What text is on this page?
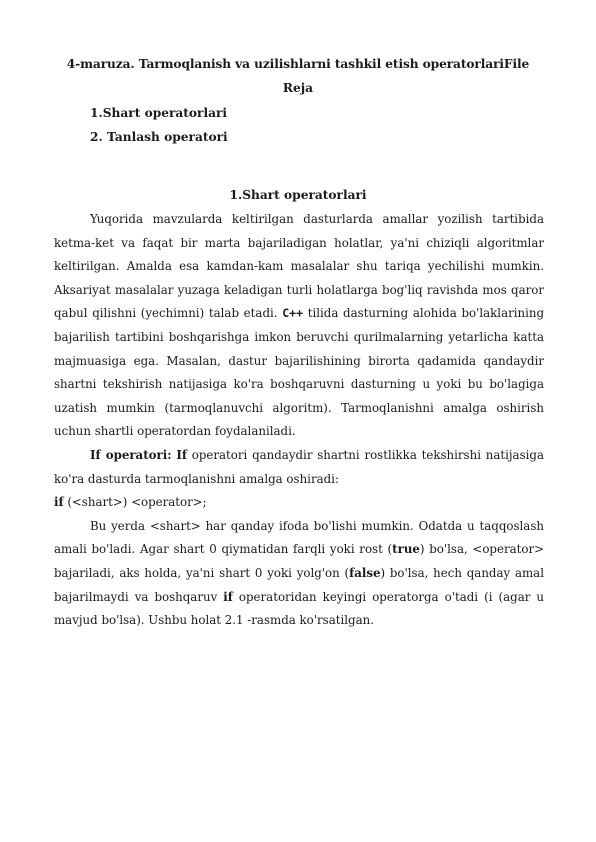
4-maruza. Tarmoqlanish va uzilishlarni tashkil etish operatorlariFile
Reja
1.Shart operatorlari
2. Tanlash operatori
1.Shart operatorlari

Yuqorida mavzularda keltirilgan dasturlarda amallar yozilish tartibida ketma-ket va faqat bir marta bajariladigan holatlar, ya'ni chiziqli algoritmlar keltirilgan. Amalda esa kamdan-kam masalalar shu tariqa yechilishi mumkin. Aksariyat masalalar yuzaga keladigan turli holatlarga bog'liq ravishda mos qaror qabul qilishni (yechimni) talab etadi. C++ tilida dasturning alohida bo'laklarining bajarilish tartibini boshqarishga imkon beruvchi qurilmalarning yetarlicha katta majmuasiga ega. Masalan, dastur bajarilishining birorta qadamida qandaydir shartni tekshirish natijasiga ko'ra boshqaruvni dasturning u yoki bu bo'lagiga uzatish mumkin (tarmoqlanuvchi algoritm). Tarmoqlanishni amalga oshirish uchun shartli operatordan foydalaniladi.

If operatori: If operatori qandaydir shartni rostlikka tekshirshi natijasiga ko'ra dasturda tarmoqlanishni amalga oshiradi:

if (<shart>) <operator>;

Bu yerda <shart> har qanday ifoda bo'lishi mumkin. Odatda u taqqoslash amali bo'ladi. Agar shart 0 qiymatidan farqli yoki rost (true) bo'lsa, <operator> bajariladi, aks holda, ya'ni shart 0 yoki yolg'on (false) bo'lsa, hech qanday amal bajarilmaydi va boshqaruv if operatoridan keyingi operatorga o'tadi (i (agar u mavjud bo'lsa). Ushbu holat 2.1 -rasmda ko'rsatilgan.
